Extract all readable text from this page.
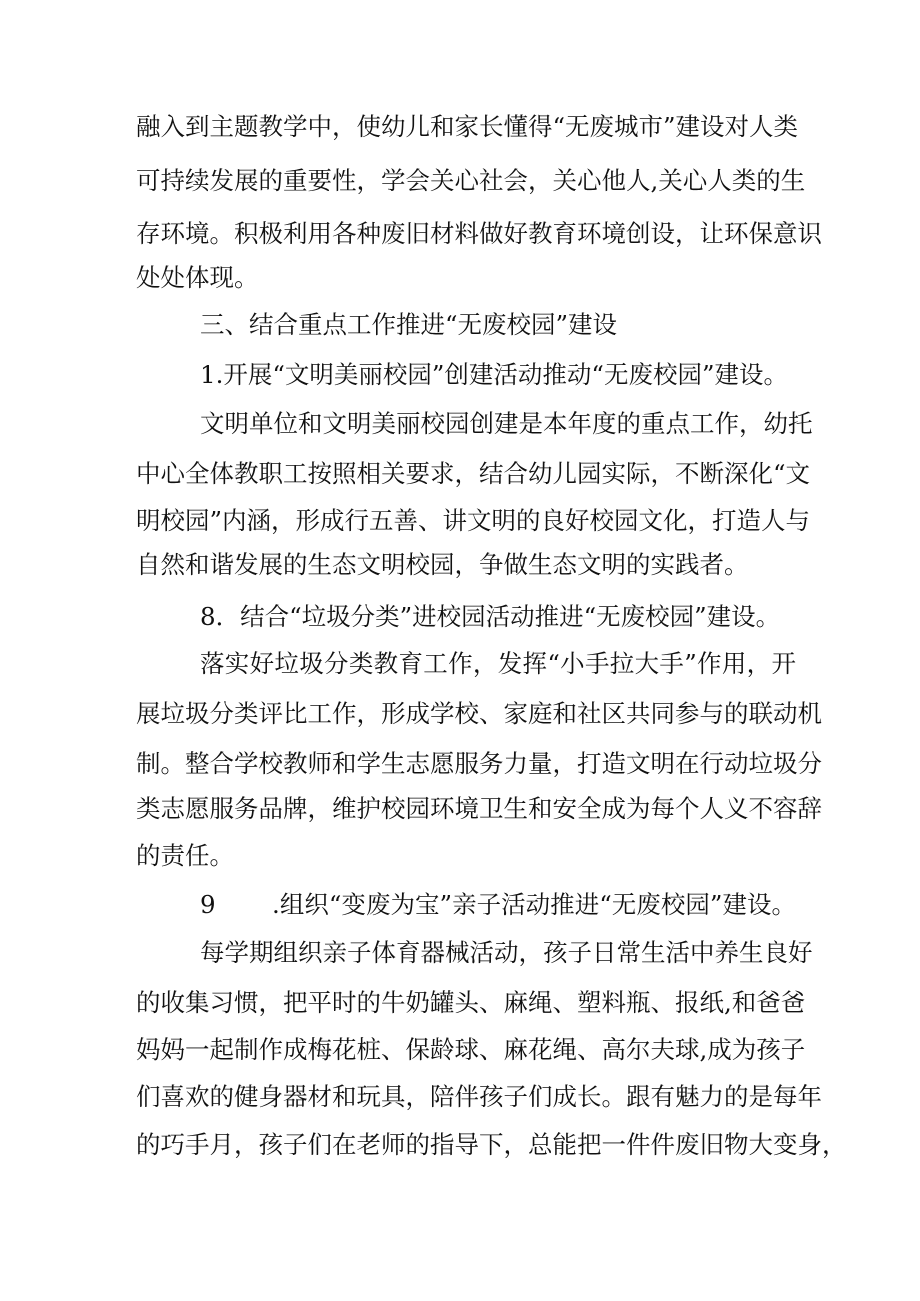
融入到主题教学中，使幼儿和家长懂得“无废城市”建设对人类
可持续发展的重要性，学会关心社会，关心他人,关心人类的生
存环境。积极利用各种废旧材料做好教育环境创设，让环保意识
处处体现。
三、结合重点工作推进“无废校园”建设
1.开展“文明美丽校园”创建活动推动“无废校园”建设。
文明单位和文明美丽校园创建是本年度的重点工作，幼托
中心全体教职工按照相关要求，结合幼儿园实际，不断深化“文
明校园”内涵，形成行五善、讲文明的良好校园文化，打造人与
自然和谐发展的生态文明校园，争做生态文明的实践者。
8．结合“垃圾分类”进校园活动推进“无废校园”建设。
落实好垃圾分类教育工作，发挥“小手拉大手”作用，开
展垃圾分类评比工作，形成学校、家庭和社区共同参与的联动机
制。整合学校教师和学生志愿服务力量，打造文明在行动垃圾分
类志愿服务品牌，维护校园环境卫生和安全成为每个人义不容辞
的责任。
9 .组织“变废为宝”亲子活动推进“无废校园”建设。
每学期组织亲子体育器械活动，孩子日常生活中养生良好
的收集习惯，把平时的牛奶罐头、麻绳、塑料瓶、报纸,和爸爸
妈妈一起制作成梅花桩、保龄球、麻花绳、高尔夫球,成为孩子
们喜欢的健身器材和玩具，陪伴孩子们成长。跟有魅力的是每年
的巧手月，孩子们在老师的指导下，总能把一件件废旧物大变身，
